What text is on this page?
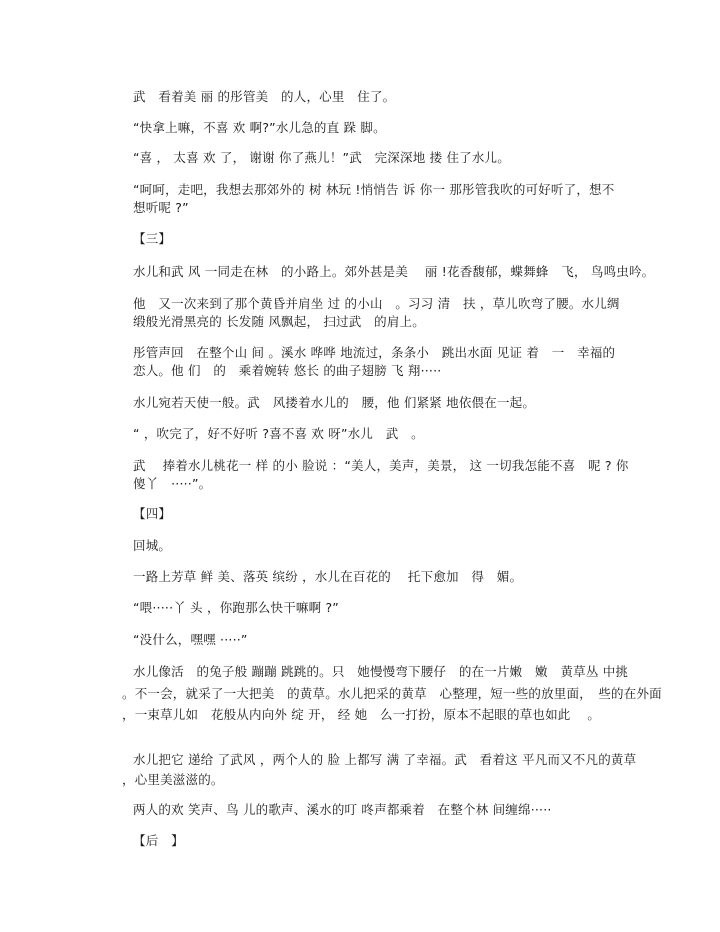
武　看着美 丽 的彤管美　的人，心里　住了。
“快拿上嘛，不喜 欢 啊?”水儿急的直 跺 脚。
“喜 ， 太喜 欢 了， 谢谢 你了燕儿！”武　完深深地 搂 住了水儿。
“呵呵，走吧，我想去那郊外的 树 林玩 !悄悄告 诉 你一 那彤管我吹的可好听了，想不
想听呢 ?”
【三】
水儿和武 风 一同走在林　的小路上。郊外甚是美　 丽 !花香馥郁，蝶舞蜂　飞， 鸟鸣虫吟。
他　又一次来到了那个黄昏并肩坐 过 的小山　。习习 清　扶 ，草儿吹弯了腰。水儿绸
缎般光滑黑亮的 长发随 风飘起， 扫过武　的肩上。
彤管声回　在整个山 间 。溪水 哗哗 地流过，条条小　跳出水面 见证 着　一　幸福的
恋人。他 们　的　乘着婉转 悠长 的曲子翅膀 飞 翔·····
水儿宛若天使一般。武　风搂着水儿的　腰，他 们紧紧 地依偎在一起。
“ ，吹完了，好不好听 ?喜不喜 欢 呀”水儿　武　。
武　 捧着水儿桃花一 样 的小 脸说 ：“美人，美声，美景， 这 一切我怎能不喜　呢 ? 你
傻丫　·····”。
【四】
回城。
一路上芳草 鲜 美、落英 缤纷 ，水儿在百花的　 托下愈加　得　媚。
“喂·····丫 头 ，你跑那么快干嘛啊 ?”
“没什么，嘿嘿 ·····”
水儿像活　的兔子般 蹦蹦 跳跳的。只　她慢慢弯下腰仔　的在一片嫩　嫩　黄草丛 中挑
。不一会，就采了一大把美　的黄草。水儿把采的黄草　心整理，短一些的放里面，　些的在外面
，一束草儿如　花般从内向外 绽 开， 经 她　么一打扮，原本不起眼的草也如此　 。
水儿把它 递给 了武风 ，两个人的 脸 上都写 满 了幸福。武　看着这 平凡而又不凡的黄草
，心里美滋滋的。
两人的欢 笑声、鸟 儿的歌声、溪水的叮 咚声都乘着　在整个林 间缠绵·····
【后　】
